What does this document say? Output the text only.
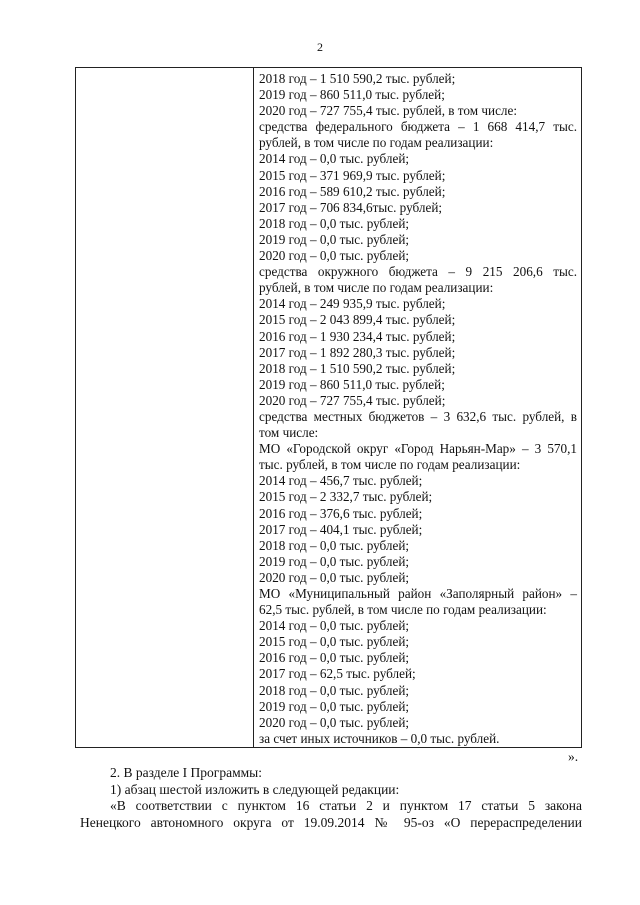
2
2018 год – 1 510 590,2 тыс. рублей;
2019 год – 860 511,0 тыс. рублей;
2020 год – 727 755,4 тыс. рублей, в том числе:
средства федерального бюджета – 1 668 414,7 тыс.
рублей, в том числе по годам реализации:
2014 год – 0,0 тыс. рублей;
2015 год – 371 969,9 тыс. рублей;
2016 год – 589 610,2 тыс. рублей;
2017 год – 706 834,6тыс. рублей;
2018 год – 0,0 тыс. рублей;
2019 год – 0,0 тыс. рублей;
2020 год – 0,0 тыс. рублей;
средства окружного бюджета – 9 215 206,6 тыс.
рублей, в том числе по годам реализации:
2014 год – 249 935,9 тыс. рублей;
2015 год – 2 043 899,4 тыс. рублей;
2016 год – 1 930 234,4 тыс. рублей;
2017 год – 1 892 280,3 тыс. рублей;
2018 год – 1 510 590,2 тыс. рублей;
2019 год – 860 511,0 тыс. рублей;
2020 год – 727 755,4 тыс. рублей;
средства местных бюджетов – 3 632,6 тыс. рублей, в
том числе:
МО «Городской округ «Город Нарьян-Мар» – 3 570,1
тыс. рублей, в том числе по годам реализации:
2014 год – 456,7 тыс. рублей;
2015 год – 2 332,7 тыс. рублей;
2016 год – 376,6 тыс. рублей;
2017 год – 404,1 тыс. рублей;
2018 год – 0,0 тыс. рублей;
2019 год – 0,0 тыс. рублей;
2020 год – 0,0 тыс. рублей;
МО «Муниципальный район «Заполярный район» –
62,5 тыс. рублей, в том числе по годам реализации:
2014 год – 0,0 тыс. рублей;
2015 год – 0,0 тыс. рублей;
2016 год – 0,0 тыс. рублей;
2017 год – 62,5 тыс. рублей;
2018 год – 0,0 тыс. рублей;
2019 год – 0,0 тыс. рублей;
2020 год – 0,0 тыс. рублей;
за счет иных источников – 0,0 тыс. рублей.
».
2. В разделе I Программы:
1) абзац шестой изложить в следующей редакции:
«В соответствии с пунктом 16 статьи 2 и пунктом 17 статьи 5 закона
Ненецкого автономного округа от 19.09.2014 № 95-оз «О перераспределении
